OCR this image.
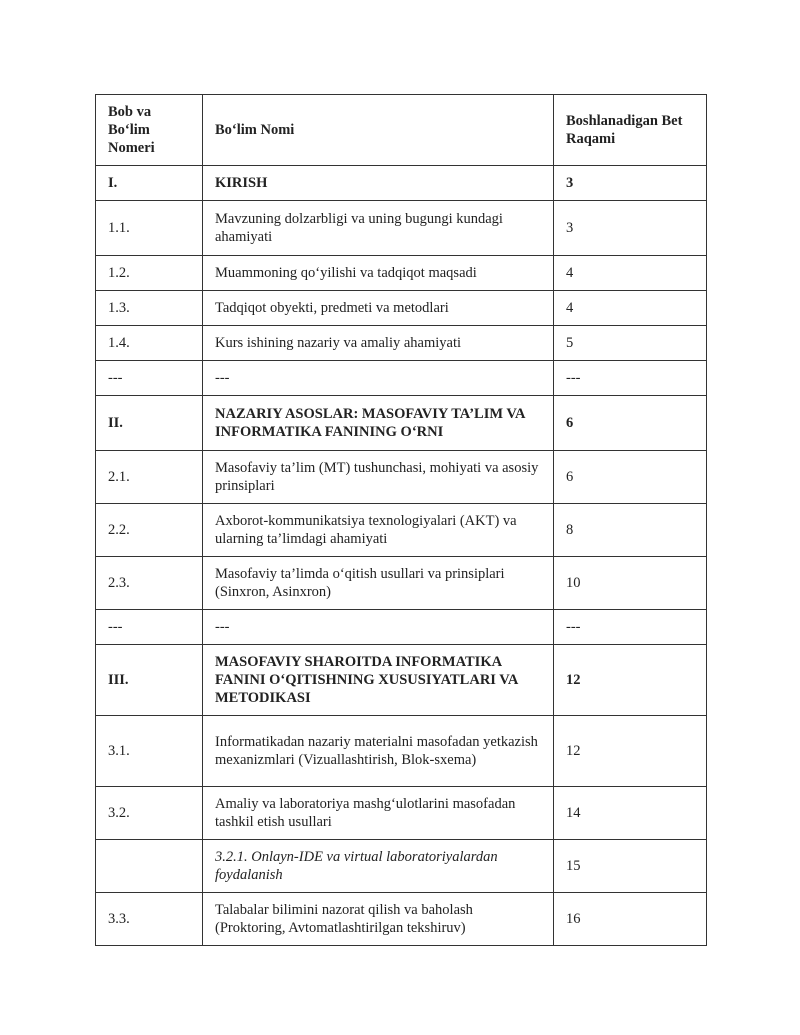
Bob va Bo‘lim Nomeri	Bo‘lim Nomi	Boshlanadigan Bet Raqami
I.	KIRISH	3
1.1.	Mavzuning dolzarbligi va uning bugungi kundagi ahamiyati	3
1.2.	Muammoning qo‘yilishi va tadqiqot maqsadi	4
1.3.	Tadqiqot obyekti, predmeti va metodlari	4
1.4.	Kurs ishining nazariy va amaliy ahamiyati	5
---	---	---
II.	NAZARIY ASOSLAR: MASOFAVIY TA’LIM VA INFORMATIKA FANINING O‘RNI	6
2.1.	Masofaviy ta’lim (MT) tushunchasi, mohiyati va asosiy prinsiplari	6
2.2.	Axborot-kommunikatsiya texnologiyalari (AKT) va ularning ta’limdagi ahamiyati	8
2.3.	Masofaviy ta’limda o‘qitish usullari va prinsiplari (Sinxron, Asinxron)	10
---	---	---
III.	MASOFAVIY SHAROITDA INFORMATIKA FANINI O‘QITISHNING XUSUSIYATLARI VA METODIKASI	12
3.1.	Informatikadan nazariy materialni masofadan yetkazish mexanizmlari (Vizuallashtirish, Blok-sxema)	12
3.2.	Amaliy va laboratoriya mashg‘ulotlarini masofadan tashkil etish usullari	14
	3.2.1. Onlayn-IDE va virtual laboratoriyalardan foydalanish	15
3.3.	Talabalar bilimini nazorat qilish va baholash (Proktoring, Avtomatlashtirilgan tekshiruv)	16
